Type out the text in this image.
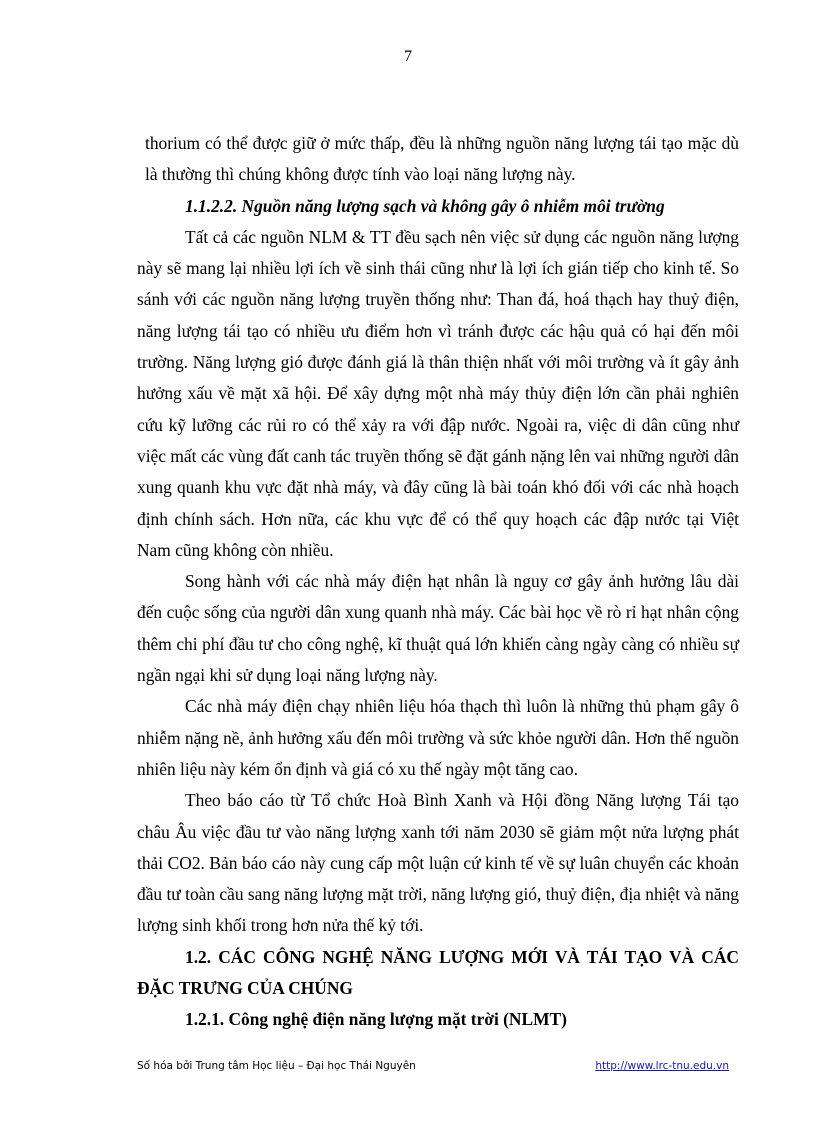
7

thorium có thể được giữ ở mức thấp, đều là những nguồn năng lượng tái tạo mặc dù là thường thì chúng không được tính vào loại năng lượng này.

1.1.2.2. Nguồn năng lượng sạch và không gây ô nhiễm môi trường

Tất cả các nguồn NLM & TT đều sạch nên việc sử dụng các nguồn năng lượng này sẽ mang lại nhiều lợi ích về sinh thái cũng như là lợi ích gián tiếp cho kinh tế. So sánh với các nguồn năng lượng truyền thống như: Than đá, hoá thạch hay thuỷ điện, năng lượng tái tạo có nhiều ưu điểm hơn vì tránh được các hậu quả có hại đến môi trường. Năng lượng gió được đánh giá là thân thiện nhất với môi trường và ít gây ảnh hưởng xấu về mặt xã hội. Để xây dựng một nhà máy thủy điện lớn cần phải nghiên cứu kỹ lưỡng các rủi ro có thể xảy ra với đập nước. Ngoài ra, việc di dân cũng như việc mất các vùng đất canh tác truyền thống sẽ đặt gánh nặng lên vai những người dân xung quanh khu vực đặt nhà máy, và đây cũng là bài toán khó đối với các nhà hoạch định chính sách. Hơn nữa, các khu vực để có thể quy hoạch các đập nước tại Việt Nam cũng không còn nhiều.

Song hành với các nhà máy điện hạt nhân là nguy cơ gây ảnh hưởng lâu dài đến cuộc sống của người dân xung quanh nhà máy. Các bài học về rò rỉ hạt nhân cộng thêm chi phí đầu tư cho công nghệ, kĩ thuật quá lớn khiến càng ngày càng có nhiều sự ngần ngại khi sử dụng loại năng lượng này.

Các nhà máy điện chạy nhiên liệu hóa thạch thì luôn là những thủ phạm gây ô nhiễm nặng nề, ảnh hưởng xấu đến môi trường và sức khỏe người dân. Hơn thế nguồn nhiên liệu này kém ổn định và giá có xu thế ngày một tăng cao.

Theo báo cáo từ Tổ chức Hoà Bình Xanh và Hội đồng Năng lượng Tái tạo châu Âu việc đầu tư vào năng lượng xanh tới năm 2030 sẽ giảm một nửa lượng phát thải CO2. Bản báo cáo này cung cấp một luận cứ kinh tế về sự luân chuyển các khoản đầu tư toàn cầu sang năng lượng mặt trời, năng lượng gió, thuỷ điện, địa nhiệt và năng lượng sinh khối trong hơn nửa thế kỷ tới.

1.2. CÁC CÔNG NGHỆ NĂNG LƯỢNG MỚI VÀ TÁI TẠO VÀ CÁC ĐẶC TRƯNG CỦA CHÚNG

1.2.1. Công nghệ điện năng lượng mặt trời (NLMT)

Số hóa bởi Trung tâm Học liệu – Đại học Thái Nguyên	http://www.lrc-tnu.edu.vn
